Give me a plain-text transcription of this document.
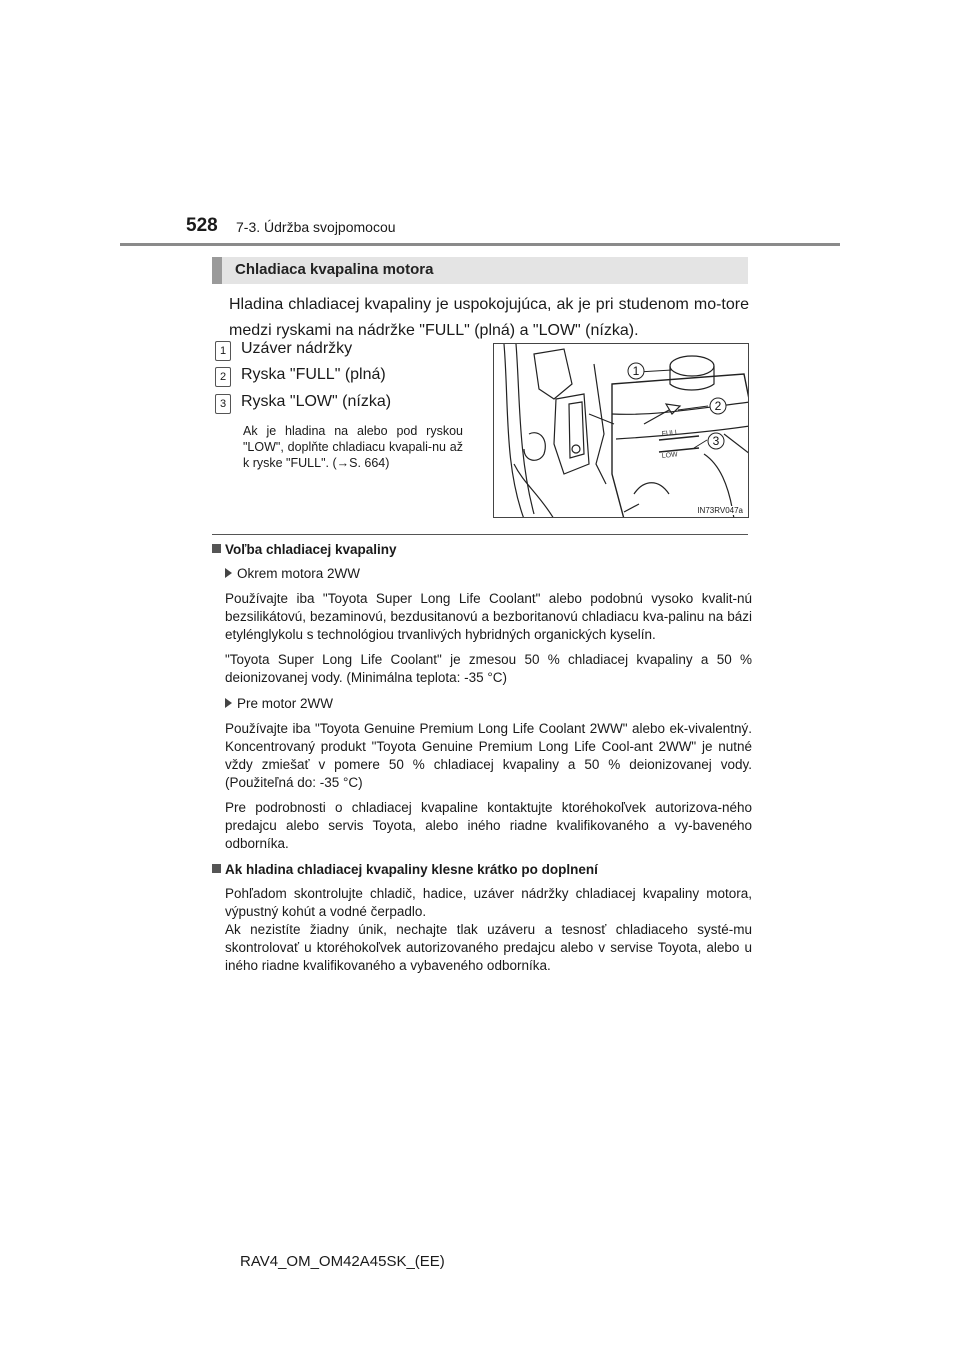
528 7-3. Údržba svojpomocou
Chladiaca kvapalina motora
Hladina chladiacej kvapaliny je uspokojujúca, ak je pri studenom mo-tore medzi ryskami na nádržke "FULL" (plná) a "LOW" (nízka).
1 Uzáver nádržky
2 Ryska "FULL" (plná)
3 Ryska "LOW" (nízka)
Ak je hladina na alebo pod ryskou "LOW", doplňte chladiacu kvapali-nu až k ryske "FULL". (→S. 664)
1
2
3
FULL
LOW
IN73RV047a
Voľba chladiacej kvapaliny
Okrem motora 2WW
Používajte iba "Toyota Super Long Life Coolant" alebo podobnú vysoko kvalit-nú bezsilikátovú, bezaminovú, bezdusitanovú a bezboritanovú chladiacu kva-palinu na bázi etylénglykolu s technológiou trvanlivých hybridných organických kyselín.
"Toyota Super Long Life Coolant" je zmesou 50 % chladiacej kvapaliny a 50 % deionizovanej vody. (Minimálna teplota: -35 °C)
Pre motor 2WW
Používajte iba "Toyota Genuine Premium Long Life Coolant 2WW" alebo ek-vivalentný. Koncentrovaný produkt "Toyota Genuine Premium Long Life Cool-ant 2WW" je nutné vždy zmiešať v pomere 50 % chladiacej kvapaliny a 50 % deionizovanej vody. (Použiteľná do: -35 °C)
Pre podrobnosti o chladiacej kvapaline kontaktujte ktoréhokoľvek autorizova-ného predajcu alebo servis Toyota, alebo iného riadne kvalifikovaného a vy-baveného odborníka.
Ak hladina chladiacej kvapaliny klesne krátko po doplnení
Pohľadom skontrolujte chladič, hadice, uzáver nádržky chladiacej kvapaliny motora, výpustný kohút a vodné čerpadlo.
Ak nezistíte žiadny únik, nechajte tlak uzáveru a tesnosť chladiaceho systé-mu skontrolovať u ktoréhokoľvek autorizovaného predajcu alebo v servise Toyota, alebo u iného riadne kvalifikovaného a vybaveného odborníka.
RAV4_OM_OM42A45SK_(EE)
